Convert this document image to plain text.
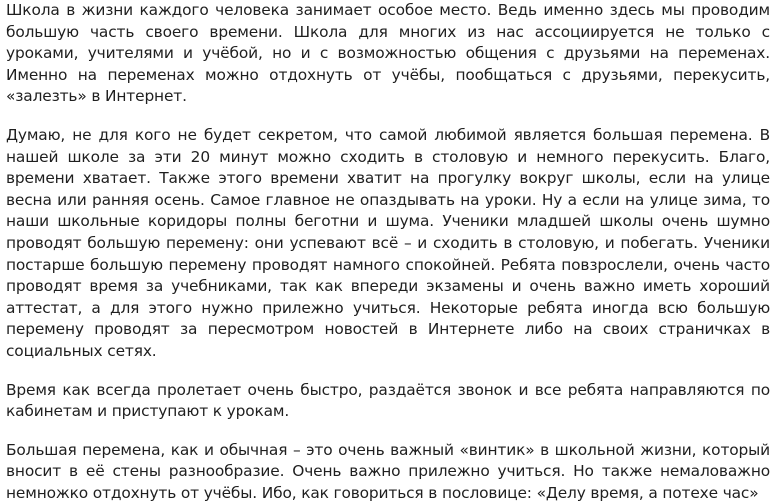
Школа в жизни каждого человека занимает особое место. Ведь именно здесь мы проводим большую часть своего времени. Школа для многих из нас ассоциируется не только с уроками, учителями и учёбой, но и с возможностью общения с друзьями на переменах. Именно на переменах можно отдохнуть от учёбы, пообщаться с друзьями, перекусить, «залезть» в Интернет.

Думаю, не для кого не будет секретом, что самой любимой является большая перемена. В нашей школе за эти 20 минут можно сходить в столовую и немного перекусить. Благо, времени хватает. Также этого времени хватит на прогулку вокруг школы, если на улице весна или ранняя осень. Самое главное не опаздывать на уроки. Ну а если на улице зима, то наши школьные коридоры полны беготни и шума. Ученики младшей школы очень шумно проводят большую перемену: они успевают всё – и сходить в столовую, и побегать. Ученики постарше большую перемену проводят намного спокойней. Ребята повзрослели, очень часто проводят время за учебниками, так как впереди экзамены и очень важно иметь хороший аттестат, а для этого нужно прилежно учиться. Некоторые ребята иногда всю большую перемену проводят за пересмотром новостей в Интернете либо на своих страничках в социальных сетях.

Время как всегда пролетает очень быстро, раздаётся звонок и все ребята направляются по кабинетам и приступают к урокам.

Большая перемена, как и обычная – это очень важный «винтик» в школьной жизни, который вносит в её стены разнообразие. Очень важно прилежно учиться. Но также немаловажно немножко отдохнуть от учёбы. Ибо, как говориться в пословице: «Делу время, а потехе час»
